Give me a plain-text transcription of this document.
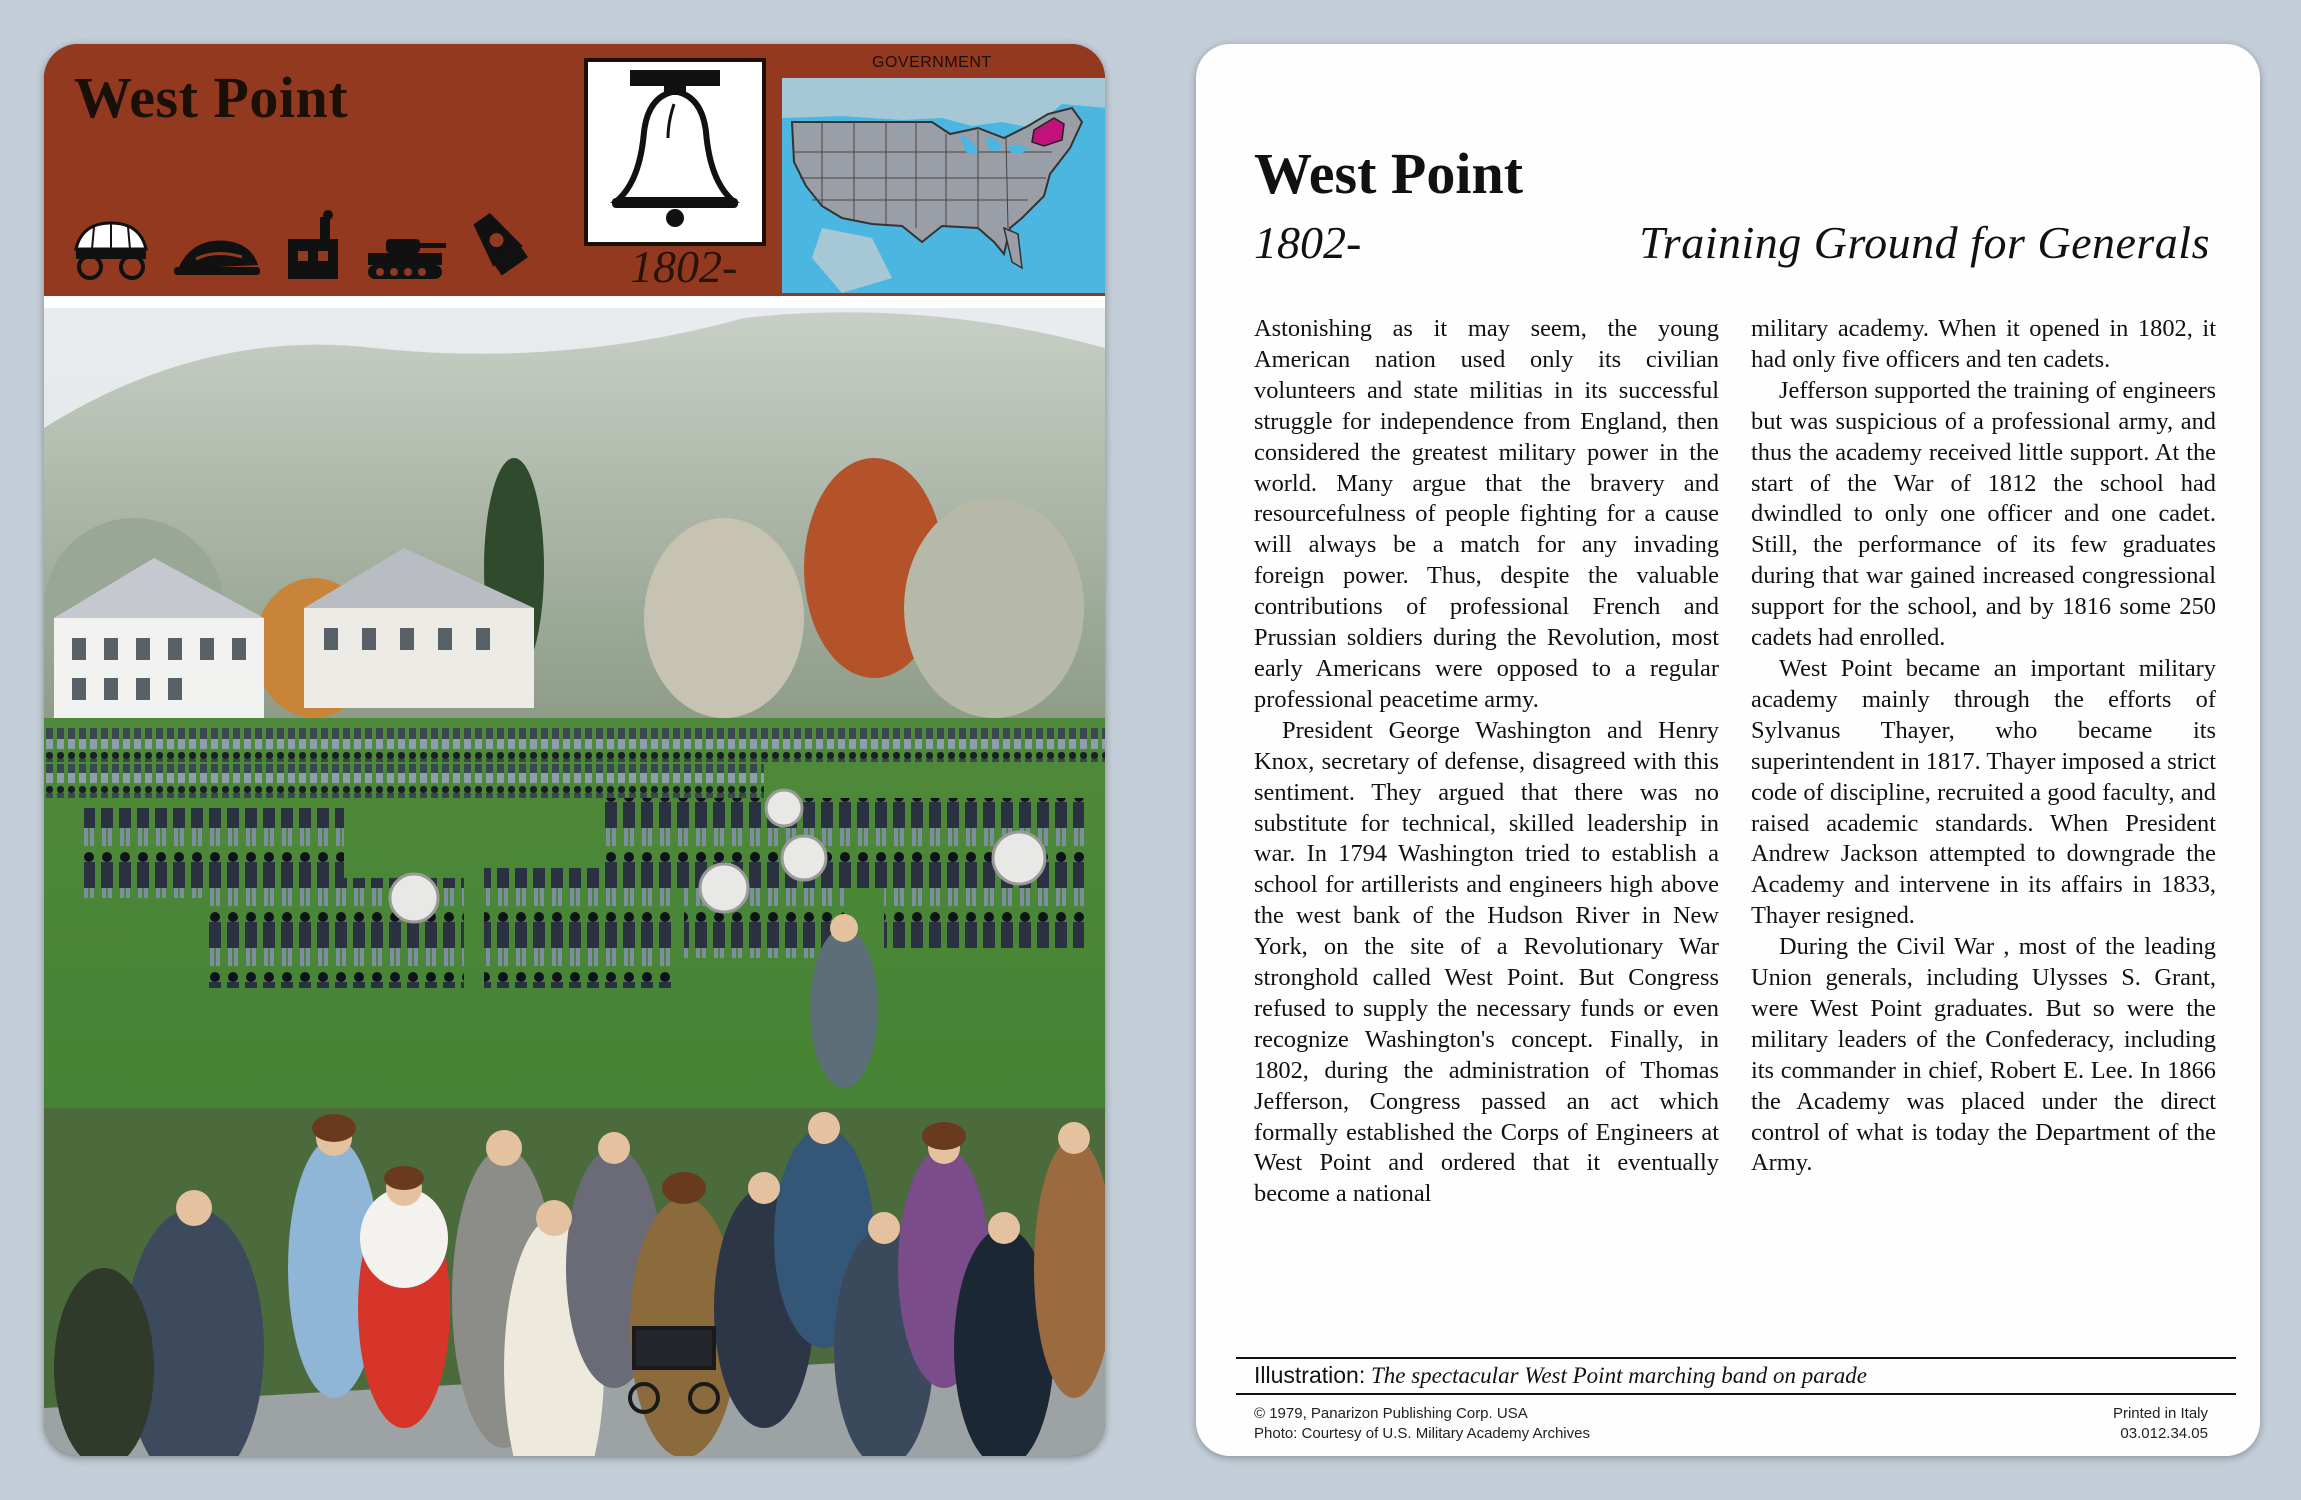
West Point
1802-
GOVERNMENT
West Point
1802-	Training Ground for Generals

Astonishing as it may seem, the young American nation used only its civilian volunteers and state militias in its successful struggle for independence from England, then considered the greatest military power in the world. Many argue that the bravery and resourcefulness of people fighting for a cause will always be a match for any invading foreign power. Thus, despite the valuable contributions of professional French and Prussian soldiers during the Revolution, most early Americans were opposed to a regular professional peacetime army.

President George Washington and Henry Knox, secretary of defense, disagreed with this sentiment. They argued that there was no substitute for technical, skilled leadership in war. In 1794 Washington tried to establish a school for artillerists and engineers high above the west bank of the Hudson River in New York, on the site of a Revolutionary War stronghold called West Point. But Congress refused to supply the necessary funds or even recognize Washington's concept. Finally, in 1802, during the administration of Thomas Jefferson, Congress passed an act which formally established the Corps of Engineers at West Point and ordered that it eventually become a national

military academy. When it opened in 1802, it had only five officers and ten cadets.

Jefferson supported the training of engineers but was suspicious of a professional army, and thus the academy received little support. At the start of the War of 1812 the school had dwindled to only one officer and one cadet. Still, the performance of its few graduates during that war gained increased congressional support for the school, and by 1816 some 250 cadets had enrolled.

West Point became an important military academy mainly through the efforts of Sylvanus Thayer, who became its superintendent in 1817. Thayer imposed a strict code of discipline, recruited a good faculty, and raised academic standards. When President Andrew Jackson attempted to downgrade the Academy and intervene in its affairs in 1833, Thayer resigned.

During the Civil War , most of the leading Union generals, including Ulysses S. Grant, were West Point graduates. But so were the military leaders of the Confederacy, including its commander in chief, Robert E. Lee. In 1866 the Academy was placed under the direct control of what is today the Department of the Army.

Illustration: The spectacular West Point marching band on parade
© 1979, Panarizon Publishing Corp. USA
Photo: Courtesy of U.S. Military Academy Archives
Printed in Italy
03.012.34.05
